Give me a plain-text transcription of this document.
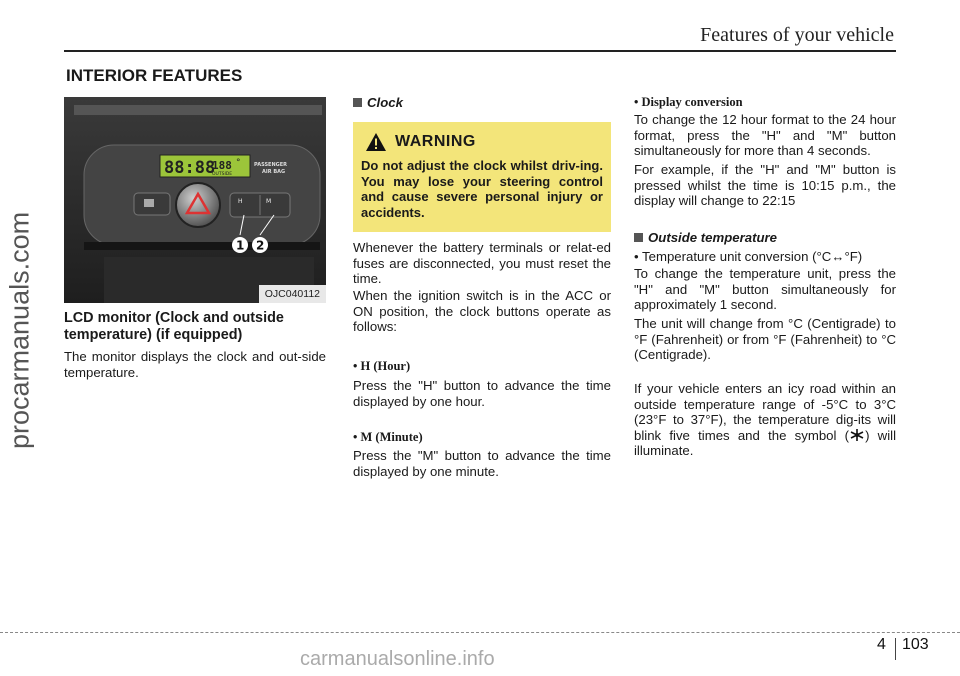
Features of your vehicle
INTERIOR FEATURES
procarmanuals.com
88:88
188 °
OUTSIDE
PASSENGER
AIR BAG
H	M
1 2
OJC040112
LCD monitor (Clock and outside temperature) (if equipped)
The monitor displays the clock and out-side temperature.
Clock
WARNING
Do not adjust the clock whilst driv-ing. You may lose your steering control and cause severe personal injury or accidents.
Whenever the battery terminals or relat-ed fuses are disconnected, you must reset the time.
When the ignition switch is in the ACC or ON position, the clock buttons operate as follows:
• H (Hour)
Press the "H" button to advance the time displayed by one hour.
• M (Minute)
Press the "M" button to advance the time displayed by one minute.
• Display conversion
To change the 12 hour format to the 24 hour format, press the "H" and "M" button simultaneously for more than 4 seconds.
For example, if the "H" and "M" button is pressed whilst the time is 10:15 p.m., the display will change to 22:15
Outside temperature
• Temperature unit conversion (°C↔°F)
To change the temperature unit, press the "H" and "M" button simultaneously for approximately 1 second.
The unit will change from °C (Centigrade) to °F (Fahrenheit) or from °F (Fahrenheit) to °C (Centigrade).
If your vehicle enters an icy road within an outside temperature range of -5°C to 3°C (23°F to 37°F), the temperature dig-its will blink five times and the symbol ( ) will illuminate.
4 103
carmanualsonline.info
